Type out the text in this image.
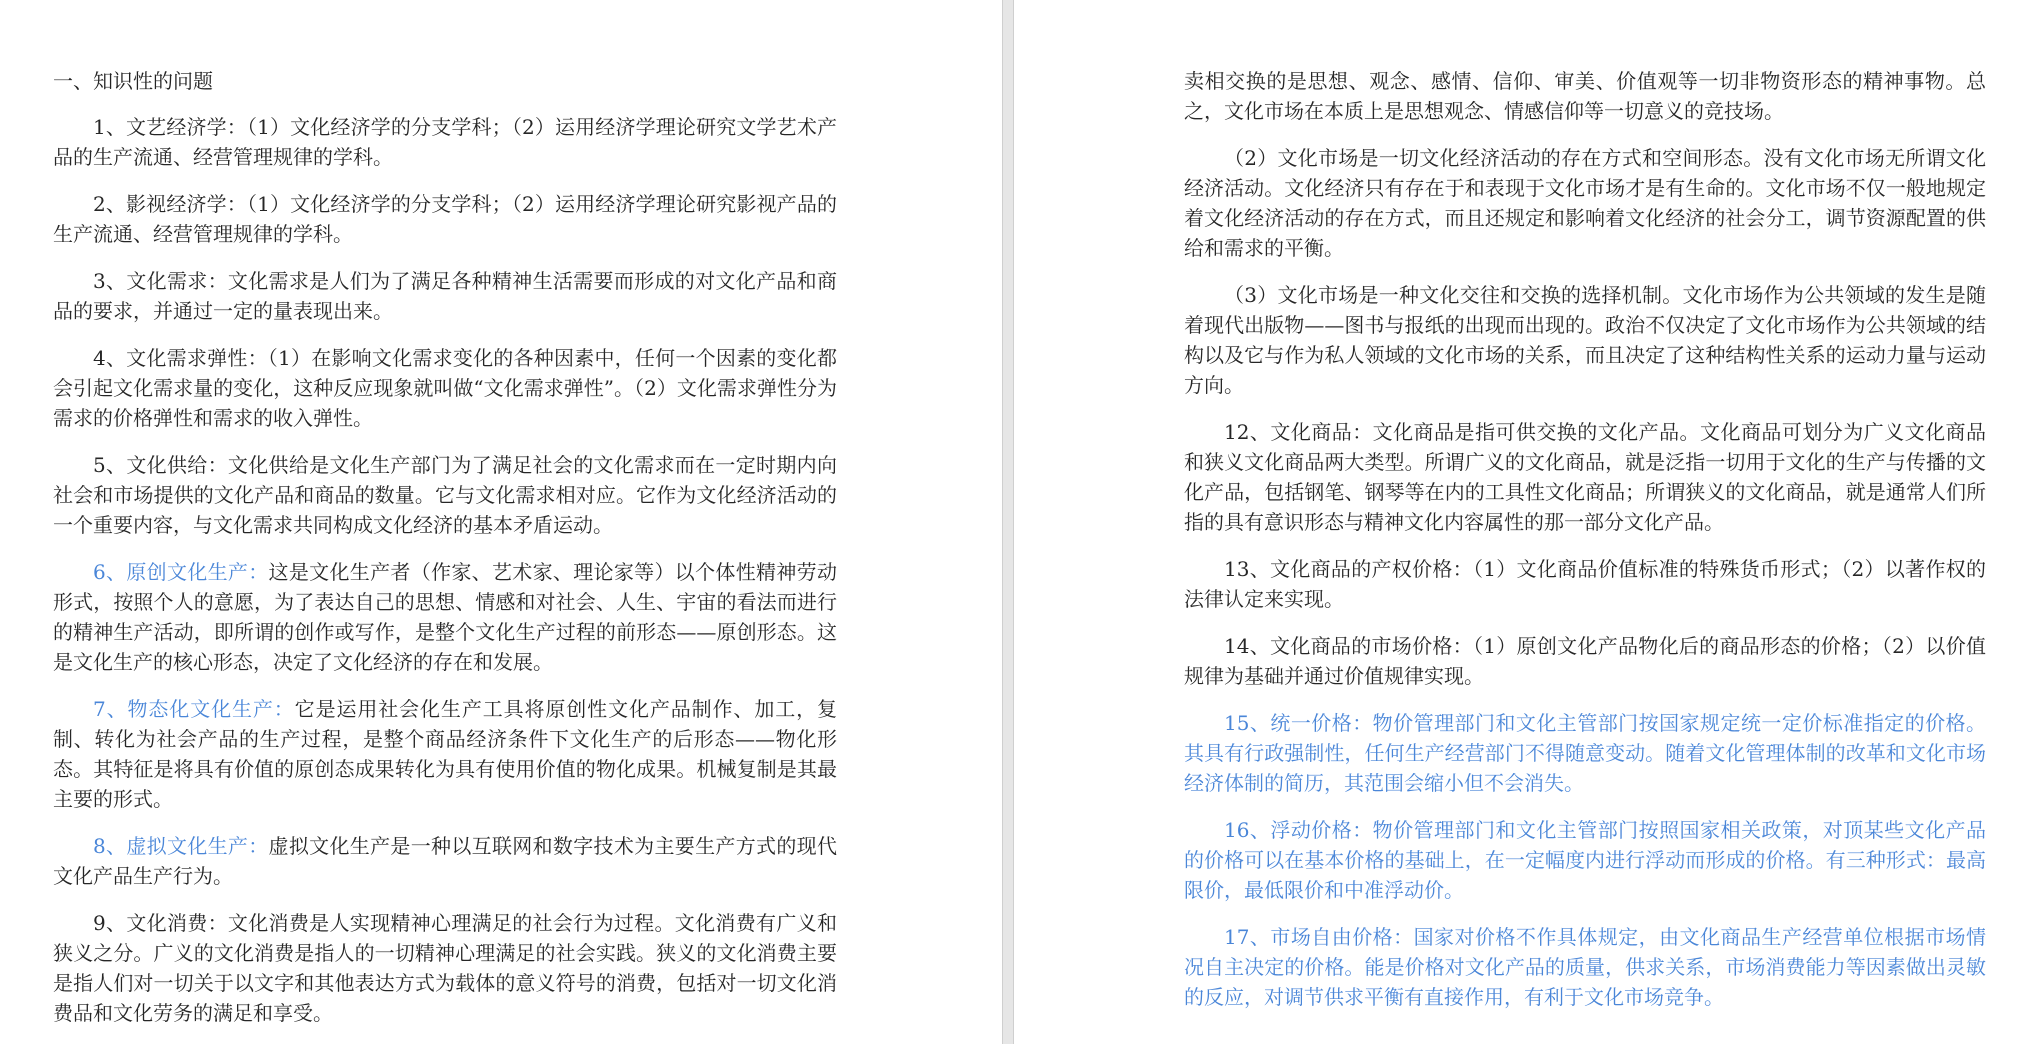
一、知识性的问题

1、文艺经济学：（1）文化经济学的分支学科；（2）运用经济学理论研究文学艺术产品的生产流通、经营管理规律的学科。

2、影视经济学：（1）文化经济学的分支学科；（2）运用经济学理论研究影视产品的生产流通、经营管理规律的学科。

3、文化需求：文化需求是人们为了满足各种精神生活需要而形成的对文化产品和商品的要求，并通过一定的量表现出来。

4、文化需求弹性：（1）在影响文化需求变化的各种因素中，任何一个因素的变化都会引起文化需求量的变化，这种反应现象就叫做“文化需求弹性”。（2）文化需求弹性分为需求的价格弹性和需求的收入弹性。

5、文化供给：文化供给是文化生产部门为了满足社会的文化需求而在一定时期内向社会和市场提供的文化产品和商品的数量。它与文化需求相对应。它作为文化经济活动的一个重要内容，与文化需求共同构成文化经济的基本矛盾运动。

6、原创文化生产：这是文化生产者（作家、艺术家、理论家等）以个体性精神劳动形式，按照个人的意愿，为了表达自己的思想、情感和对社会、人生、宇宙的看法而进行的精神生产活动，即所谓的创作或写作，是整个文化生产过程的前形态——原创形态。这是文化生产的核心形态，决定了文化经济的存在和发展。

7、物态化文化生产：它是运用社会化生产工具将原创性文化产品制作、加工，复制、转化为社会产品的生产过程，是整个商品经济条件下文化生产的后形态——物化形态。其特征是将具有价值的原创态成果转化为具有使用价值的物化成果。机械复制是其最主要的形式。

8、虚拟文化生产：虚拟文化生产是一种以互联网和数字技术为主要生产方式的现代文化产品生产行为。

9、文化消费：文化消费是人实现精神心理满足的社会行为过程。文化消费有广义和狭义之分。广义的文化消费是指人的一切精神心理满足的社会实践。狭义的文化消费主要是指人们对一切关于以文字和其他表达方式为载体的意义符号的消费，包括对一切文化消费品和文化劳务的满足和享受。

卖相交换的是思想、观念、感情、信仰、审美、价值观等一切非物资形态的精神事物。总之，文化市场在本质上是思想观念、情感信仰等一切意义的竞技场。

（2）文化市场是一切文化经济活动的存在方式和空间形态。没有文化市场无所谓文化经济活动。文化经济只有存在于和表现于文化市场才是有生命的。文化市场不仅一般地规定着文化经济活动的存在方式，而且还规定和影响着文化经济的社会分工，调节资源配置的供给和需求的平衡。

（3）文化市场是一种文化交往和交换的选择机制。文化市场作为公共领域的发生是随着现代出版物——图书与报纸的出现而出现的。政治不仅决定了文化市场作为公共领域的结构以及它与作为私人领域的文化市场的关系，而且决定了这种结构性关系的运动力量与运动方向。

12、文化商品：文化商品是指可供交换的文化产品。文化商品可划分为广义文化商品和狭义文化商品两大类型。所谓广义的文化商品，就是泛指一切用于文化的生产与传播的文化产品，包括钢笔、钢琴等在内的工具性文化商品；所谓狭义的文化商品，就是通常人们所指的具有意识形态与精神文化内容属性的那一部分文化产品。

13、文化商品的产权价格：（1）文化商品价值标准的特殊货币形式；（2）以著作权的法律认定来实现。

14、文化商品的市场价格：（1）原创文化产品物化后的商品形态的价格；（2）以价值规律为基础并通过价值规律实现。

15、统一价格：物价管理部门和文化主管部门按国家规定统一定价标准指定的价格。其具有行政强制性，任何生产经营部门不得随意变动。随着文化管理体制的改革和文化市场经济体制的简历，其范围会缩小但不会消失。

16、浮动价格：物价管理部门和文化主管部门按照国家相关政策，对顶某些文化产品的价格可以在基本价格的基础上，在一定幅度内进行浮动而形成的价格。有三种形式：最高限价，最低限价和中准浮动价。

17、市场自由价格：国家对价格不作具体规定，由文化商品生产经营单位根据市场情况自主决定的价格。能是价格对文化产品的质量，供求关系，市场消费能力等因素做出灵敏的反应，对调节供求平衡有直接作用，有利于文化市场竞争。
